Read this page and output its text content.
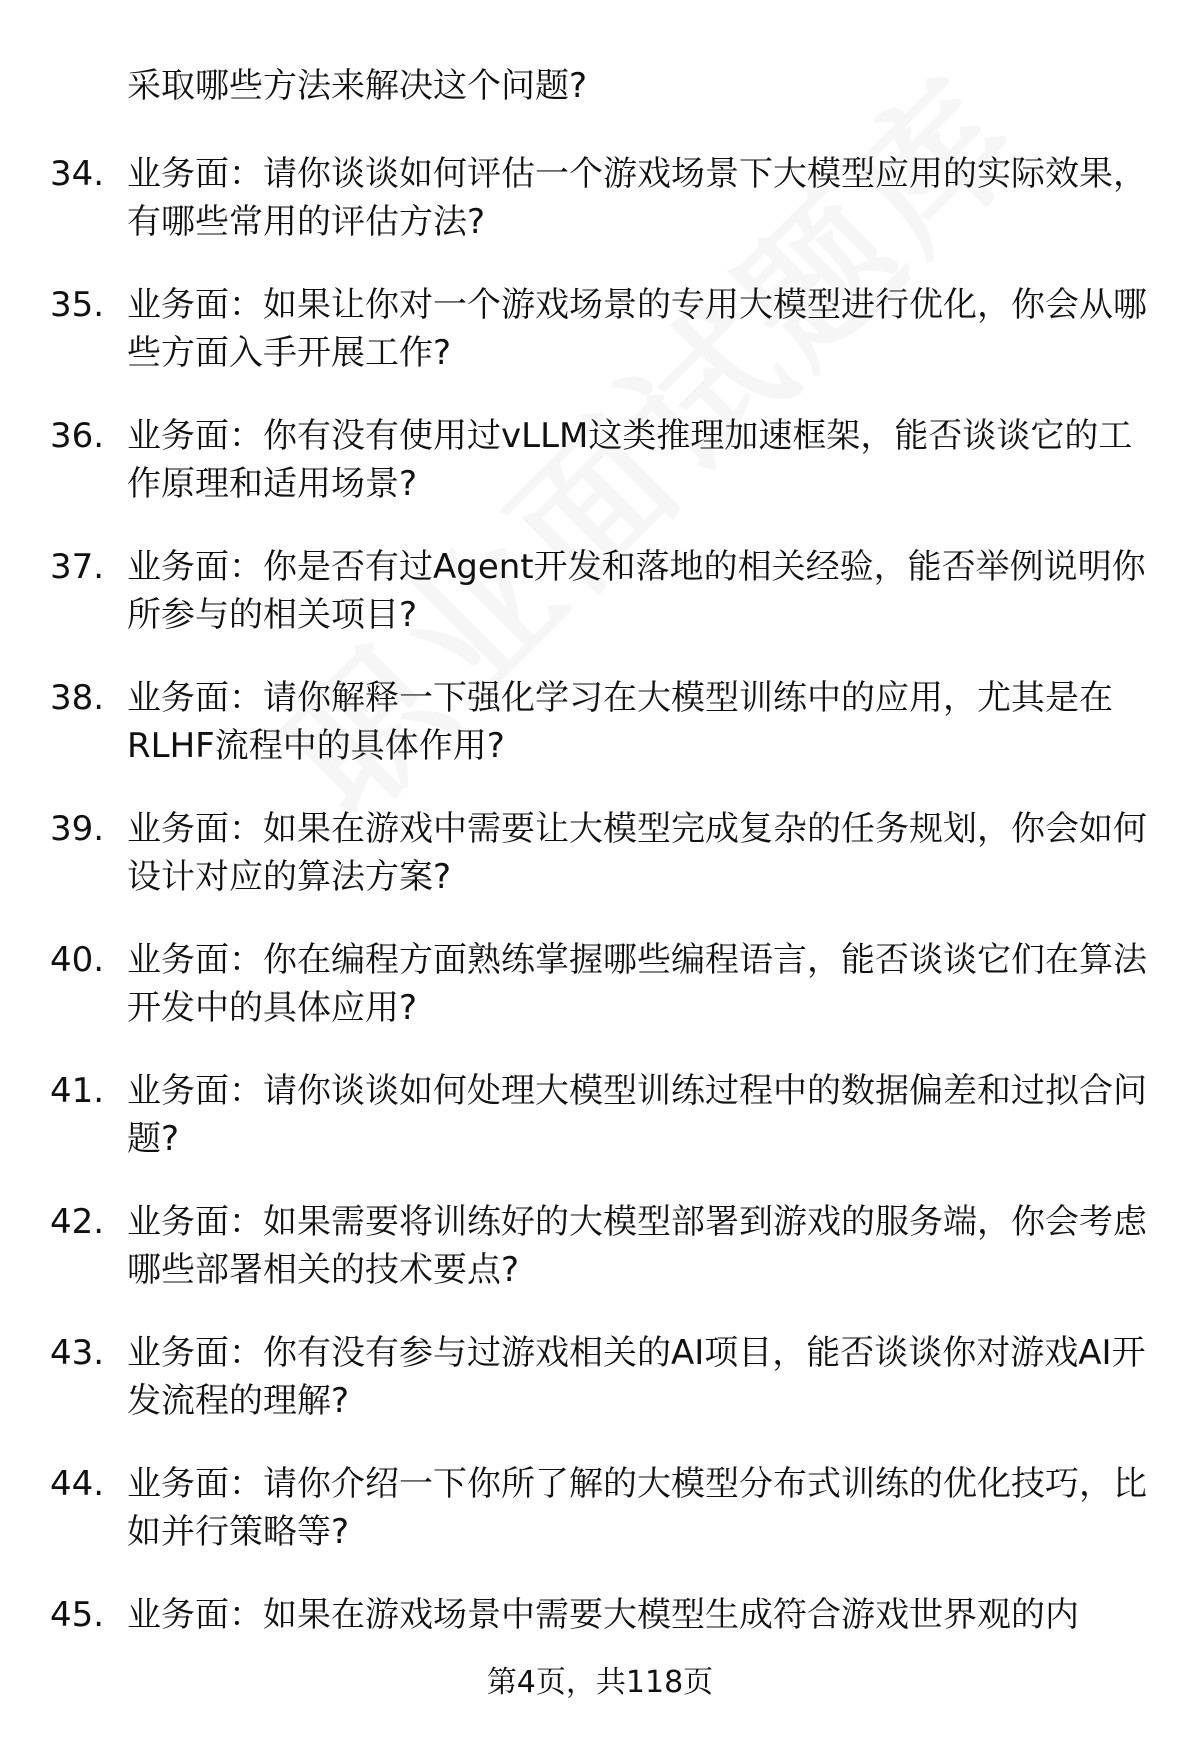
采取哪些方法来解决这个问题?
34. 业务面：请你谈谈如何评估一个游戏场景下大模型应用的实际效果，有哪些常用的评估方法?
35. 业务面：如果让你对一个游戏场景的专用大模型进行优化，你会从哪些方面入手开展工作?
36. 业务面：你有没有使用过vLLM这类推理加速框架，能否谈谈它的工作原理和适用场景?
37. 业务面：你是否有过Agent开发和落地的相关经验，能否举例说明你所参与的相关项目?
38. 业务面：请你解释一下强化学习在大模型训练中的应用，尤其是在RLHF流程中的具体作用?
39. 业务面：如果在游戏中需要让大模型完成复杂的任务规划，你会如何设计对应的算法方案?
40. 业务面：你在编程方面熟练掌握哪些编程语言，能否谈谈它们在算法开发中的具体应用?
41. 业务面：请你谈谈如何处理大模型训练过程中的数据偏差和过拟合问题?
42. 业务面：如果需要将训练好的大模型部署到游戏的服务端，你会考虑哪些部署相关的技术要点?
43. 业务面：你有没有参与过游戏相关的AI项目，能否谈谈你对游戏AI开发流程的理解?
44. 业务面：请你介绍一下你所了解的大模型分布式训练的优化技巧，比如并行策略等?
45. 业务面：如果在游戏场景中需要大模型生成符合游戏世界观的内
第4页，共118页
